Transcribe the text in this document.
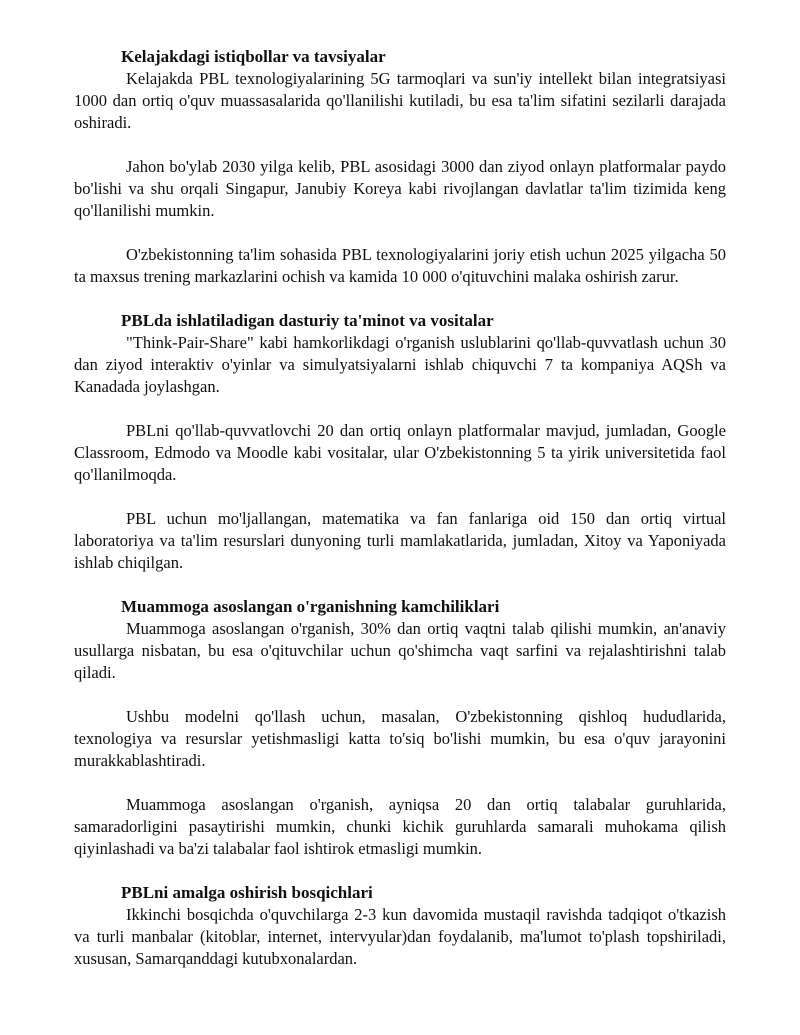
Kelajakdagi istiqbollar va tavsiyalar

Kelajakda PBL texnologiyalarining 5G tarmoqlari va sun'iy intellekt bilan integratsiyasi 1000 dan ortiq o'quv muassasalarida qo'llanilishi kutiladi, bu esa ta'lim sifatini sezilarli darajada oshiradi.

Jahon bo'ylab 2030 yilga kelib, PBL asosidagi 3000 dan ziyod onlayn platformalar paydo bo'lishi va shu orqali Singapur, Janubiy Koreya kabi rivojlangan davlatlar ta'lim tizimida keng qo'llanilishi mumkin.

O'zbekistonning ta'lim sohasida PBL texnologiyalarini joriy etish uchun 2025 yilgacha 50 ta maxsus trening markazlarini ochish va kamida 10 000 o'qituvchini malaka oshirish zarur.

PBLda ishlatiladigan dasturiy ta'minot va vositalar

"Think-Pair-Share" kabi hamkorlikdagi o'rganish uslublarini qo'llab-quvvatlash uchun 30 dan ziyod interaktiv o'yinlar va simulyatsiyalarni ishlab chiquvchi 7 ta kompaniya AQSh va Kanadada joylashgan.

PBLni qo'llab-quvvatlovchi 20 dan ortiq onlayn platformalar mavjud, jumladan, Google Classroom, Edmodo va Moodle kabi vositalar, ular O'zbekistonning 5 ta yirik universitetida faol qo'llanilmoqda.

PBL uchun mo'ljallangan, matematika va fan fanlariga oid 150 dan ortiq virtual laboratoriya va ta'lim resurslari dunyoning turli mamlakatlarida, jumladan, Xitoy va Yaponiyada ishlab chiqilgan.

Muammoga asoslangan o'rganishning kamchiliklari

Muammoga asoslangan o'rganish, 30% dan ortiq vaqtni talab qilishi mumkin, an'anaviy usullarga nisbatan, bu esa o'qituvchilar uchun qo'shimcha vaqt sarfini va rejalashtirishni talab qiladi.

Ushbu modelni qo'llash uchun, masalan, O'zbekistonning qishloq hududlarida, texnologiya va resurslar yetishmasligi katta to'siq bo'lishi mumkin, bu esa o'quv jarayonini murakkablashtiradi.

Muammoga asoslangan o'rganish, ayniqsa 20 dan ortiq talabalar guruhlarida, samaradorligini pasaytirishi mumkin, chunki kichik guruhlarda samarali muhokama qilish qiyinlashadi va ba'zi talabalar faol ishtirok etmasligi mumkin.

PBLni amalga oshirish bosqichlari

Ikkinchi bosqichda o'quvchilarga 2-3 kun davomida mustaqil ravishda tadqiqot o'tkazish va turli manbalar (kitoblar, internet, intervyular)dan foydalanib, ma'lumot to'plash topshiriladi, xususan, Samarqanddagi kutubxonalardan.
